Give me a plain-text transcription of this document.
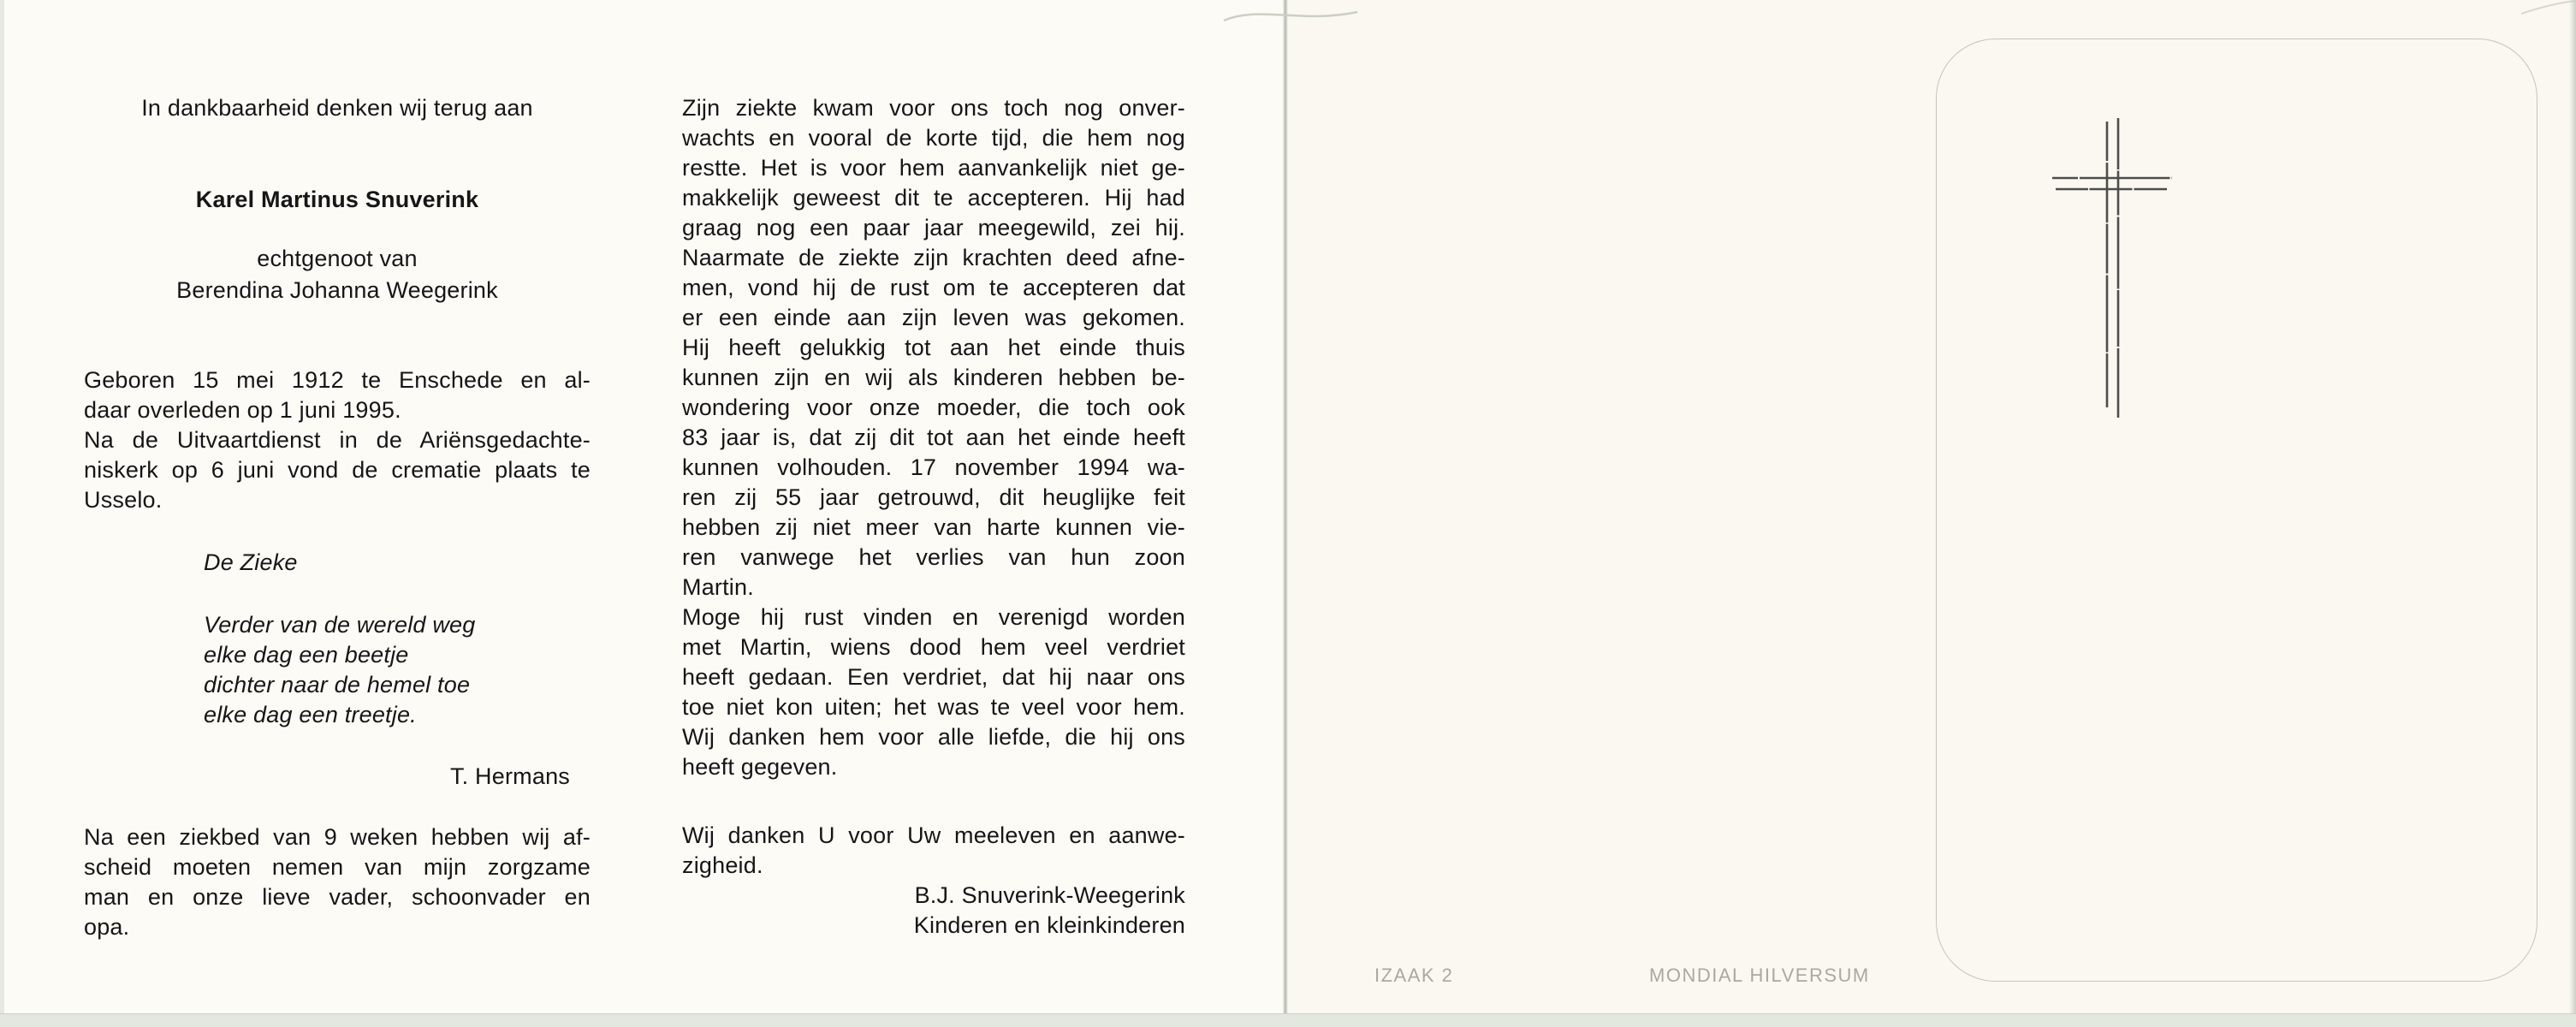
In dankbaarheid denken wij terug aan
Karel Martinus Snuverink
echtgenoot van
Berendina Johanna Weegerink
Geboren 15 mei 1912 te Enschede en al-
daar overleden op 1 juni 1995.
Na de Uitvaartdienst in de Ariënsgedachte-
niskerk op 6 juni vond de crematie plaats te
Usselo.
De Zieke
Verder van de wereld weg
elke dag een beetje
dichter naar de hemel toe
elke dag een treetje.
T. Hermans
Na een ziekbed van 9 weken hebben wij af-
scheid moeten nemen van mijn zorgzame
man en onze lieve vader, schoonvader en
opa.
Zijn ziekte kwam voor ons toch nog onver-
wachts en vooral de korte tijd, die hem nog
restte. Het is voor hem aanvankelijk niet ge-
makkelijk geweest dit te accepteren. Hij had
graag nog een paar jaar meegewild, zei hij.
Naarmate de ziekte zijn krachten deed afne-
men, vond hij de rust om te accepteren dat
er een einde aan zijn leven was gekomen.
Hij heeft gelukkig tot aan het einde thuis
kunnen zijn en wij als kinderen hebben be-
wondering voor onze moeder, die toch ook
83 jaar is, dat zij dit tot aan het einde heeft
kunnen volhouden. 17 november 1994 wa-
ren zij 55 jaar getrouwd, dit heuglijke feit
hebben zij niet meer van harte kunnen vie-
ren vanwege het verlies van hun zoon
Martin.
Moge hij rust vinden en verenigd worden
met Martin, wiens dood hem veel verdriet
heeft gedaan. Een verdriet, dat hij naar ons
toe niet kon uiten; het was te veel voor hem.
Wij danken hem voor alle liefde, die hij ons
heeft gegeven.
Wij danken U voor Uw meeleven en aanwe-
zigheid.
B.J. Snuverink-Weegerink
Kinderen en kleinkinderen
IZAAK 2	MONDIAL HILVERSUM
